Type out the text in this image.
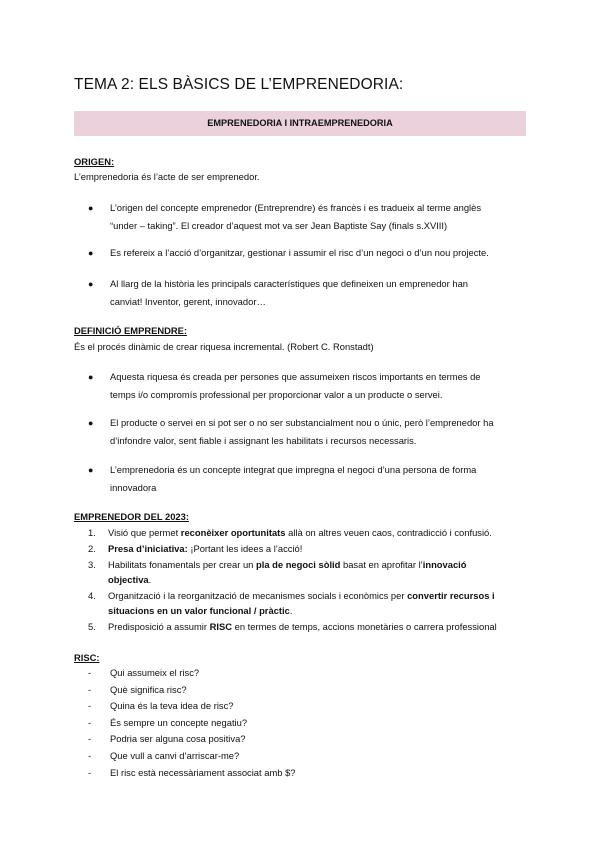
TEMA 2: ELS BÀSICS DE L’EMPRENEDORIA:
EMPRENEDORIA I INTRAEMPRENEDORIA
ORIGEN:
L’emprenedoria és l’acte de ser emprenedor.
● L’origen del concepte emprenedor (Entreprendre) és francès i es tradueix al terme anglès
“under – taking”. El creador d’aquest mot va ser Jean Baptiste Say (finals s.XVIII)
● Es refereix a l’acció d’organitzar, gestionar i assumir el risc d’un negoci o d’un nou projecte.
● Al llarg de la història les principals característiques que defineixen un emprenedor han
canviat! Inventor, gerent, innovador…
DEFINICIÓ EMPRENDRE:
És el procés dinàmic de crear riquesa incremental. (Robert C. Ronstadt)
● Aquesta riquesa és creada per persones que assumeixen riscos importants en termes de
temps i/o compromís professional per proporcionar valor a un producte o servei.
● El producte o servei en si pot ser o no ser substancialment nou o únic, però l’emprenedor ha
d’infondre valor, sent fiable i assignant les habilitats i recursos necessaris.
● L’emprenedoria és un concepte integrat que impregna el negoci d’una persona de forma
innovadora
EMPRENEDOR DEL 2023:
1.	Visió que permet reconèixer oportunitats allà on altres veuen caos, contradicció i confusió.
2.	Presa d’iniciativa: ¡Portant les idees a l’acció!
3.	Habilitats fonamentals per crear un pla de negoci sòlid basat en aprofitar l’innovació objectiva.
4.	Organització i la reorganització de mecanismes socials i econòmics per convertir recursos i situacions en un valor funcional / pràctic.
5.	Predisposició a assumir RISC en termes de temps, accions monetàries o carrera professional
RISC:
- Qui assumeix el risc?
- Què significa risc?
- Quina és la teva idea de risc?
- És sempre un concepte negatiu?
- Podria ser alguna cosa positiva?
- Que vull a canvi d’arriscar-me?
- El risc està necessàriament associat amb $?
